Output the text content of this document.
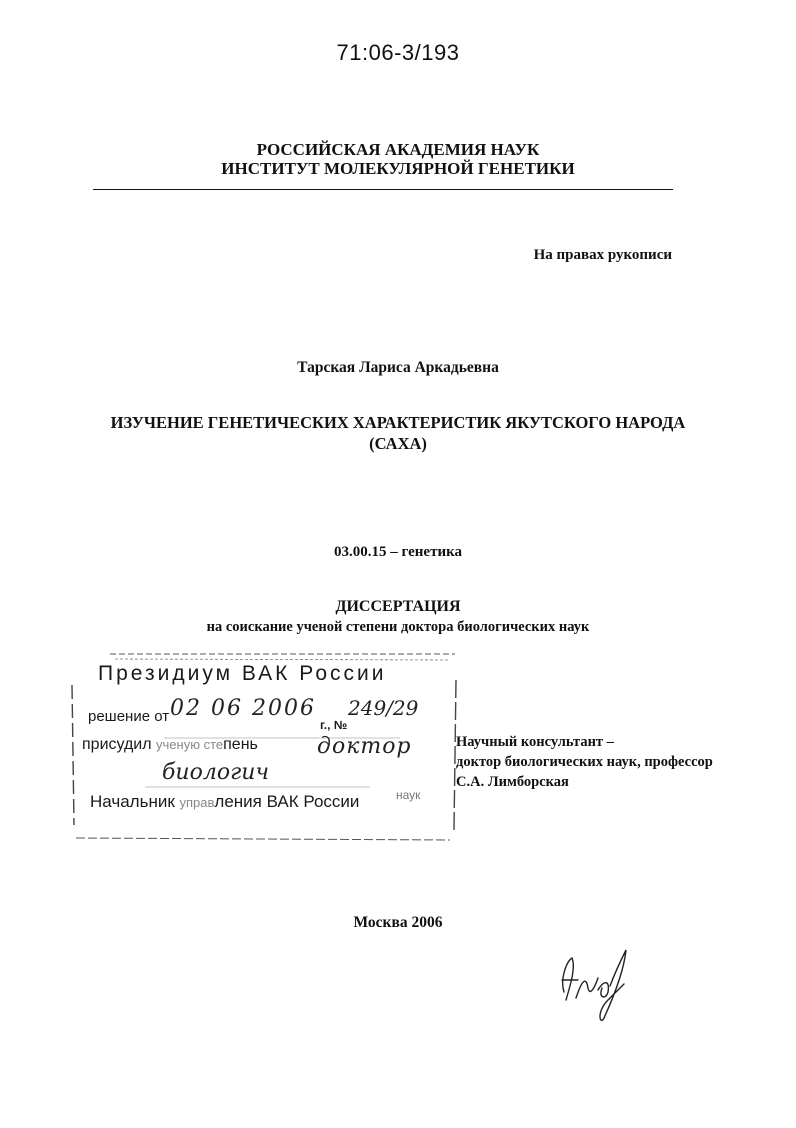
71:06-3/193
РОССИЙСКАЯ АКАДЕМИЯ НАУК
ИНСТИТУТ МОЛЕКУЛЯРНОЙ ГЕНЕТИКИ
На правах рукописи
Тарская Лариса Аркадьевна
ИЗУЧЕНИЕ ГЕНЕТИЧЕСКИХ ХАРАКТЕРИСТИК ЯКУТСКОГО НАРОДА
(САХА)
03.00.15 – генетика
ДИССЕРТАЦИЯ
на соискание ученой степени доктора биологических наук
Президиум ВАК России
решение от 02 06 2006 249/29
г., №
присудил ученую степень	доктор
биологич
наук
Начальник управления ВАК России
Научный консультант –
доктор биологических наук, профессор
С.А. Лимборская
Москва 2006
